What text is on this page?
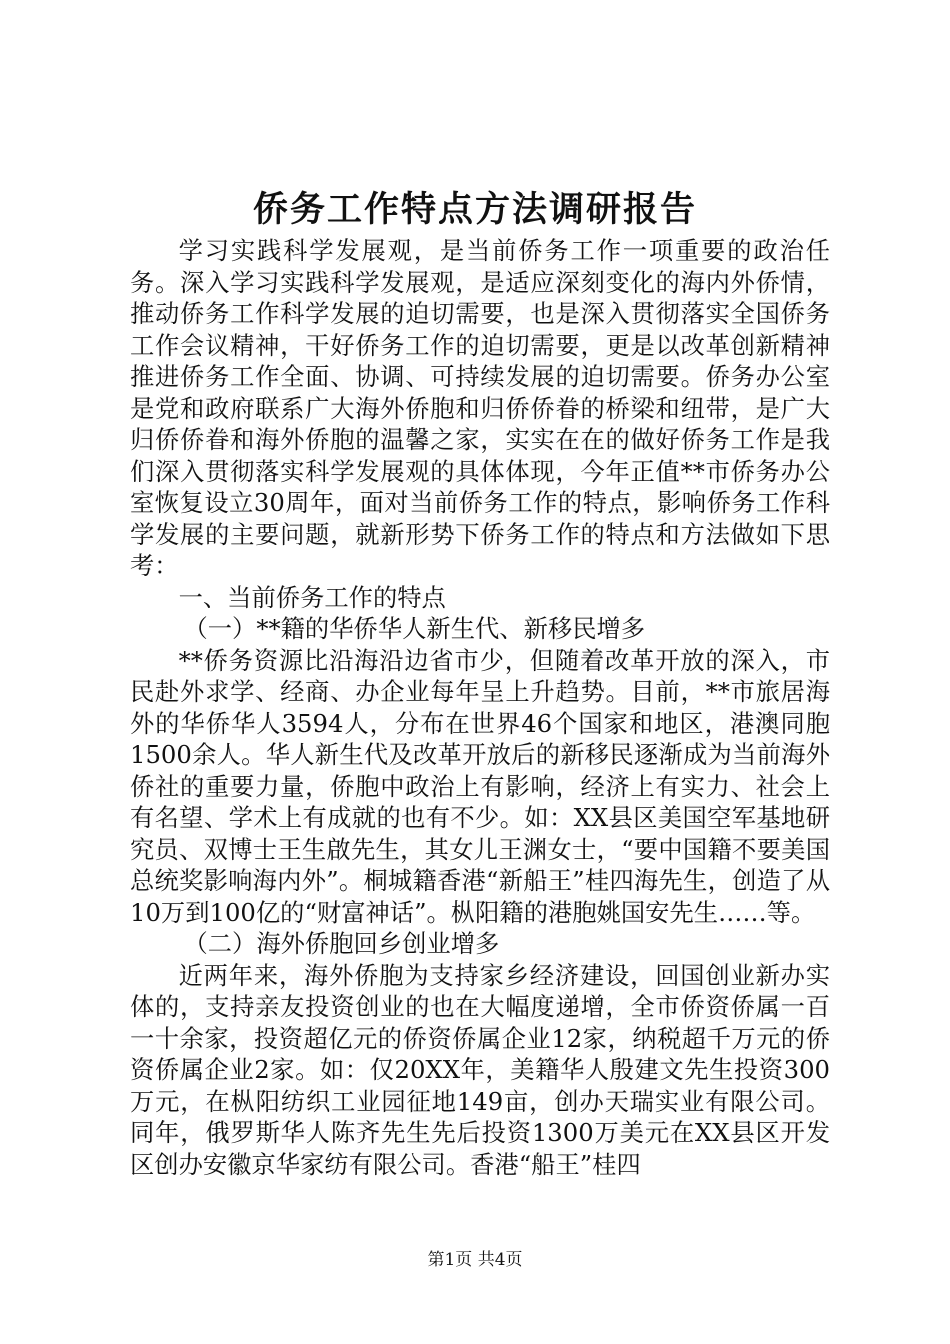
侨务工作特点方法调研报告

学习实践科学发展观，是当前侨务工作一项重要的政治任务。深入学习实践科学发展观，是适应深刻变化的海内外侨情，推动侨务工作科学发展的迫切需要，也是深入贯彻落实全国侨务工作会议精神，干好侨务工作的迫切需要，更是以改革创新精神推进侨务工作全面、协调、可持续发展的迫切需要。侨务办公室是党和政府联系广大海外侨胞和归侨侨眷的桥梁和纽带，是广大归侨侨眷和海外侨胞的温馨之家，实实在在的做好侨务工作是我们深入贯彻落实科学发展观的具体体现，今年正值**市侨务办公室恢复设立30周年，面对当前侨务工作的特点，影响侨务工作科学发展的主要问题，就新形势下侨务工作的特点和方法做如下思考：

一、当前侨务工作的特点

（一）**籍的华侨华人新生代、新移民增多

**侨务资源比沿海沿边省市少，但随着改革开放的深入，市民赴外求学、经商、办企业每年呈上升趋势。目前，**市旅居海外的华侨华人3594人，分布在世界46个国家和地区，港澳同胞1500余人。华人新生代及改革开放后的新移民逐渐成为当前海外侨社的重要力量，侨胞中政治上有影响，经济上有实力、社会上有名望、学术上有成就的也有不少。如：XX县区美国空军基地研究员、双博士王生啟先生，其女儿王渊女士，“要中国籍不要美国总统奖影响海内外”。桐城籍香港“新船王”桂四海先生，创造了从10万到100亿的“财富神话”。枞阳籍的港胞姚国安先生……等。

（二）海外侨胞回乡创业增多

近两年来，海外侨胞为支持家乡经济建设，回国创业新办实体的，支持亲友投资创业的也在大幅度递增，全市侨资侨属一百一十余家，投资超亿元的侨资侨属企业12家，纳税超千万元的侨资侨属企业2家。如：仅20XX年，美籍华人殷建文先生投资300万元，在枞阳纺织工业园征地149亩，创办天瑞实业有限公司。同年，俄罗斯华人陈齐先生先后投资1300万美元在XX县区开发区创办安徽京华家纺有限公司。香港“船王”桂四

第1页 共4页
